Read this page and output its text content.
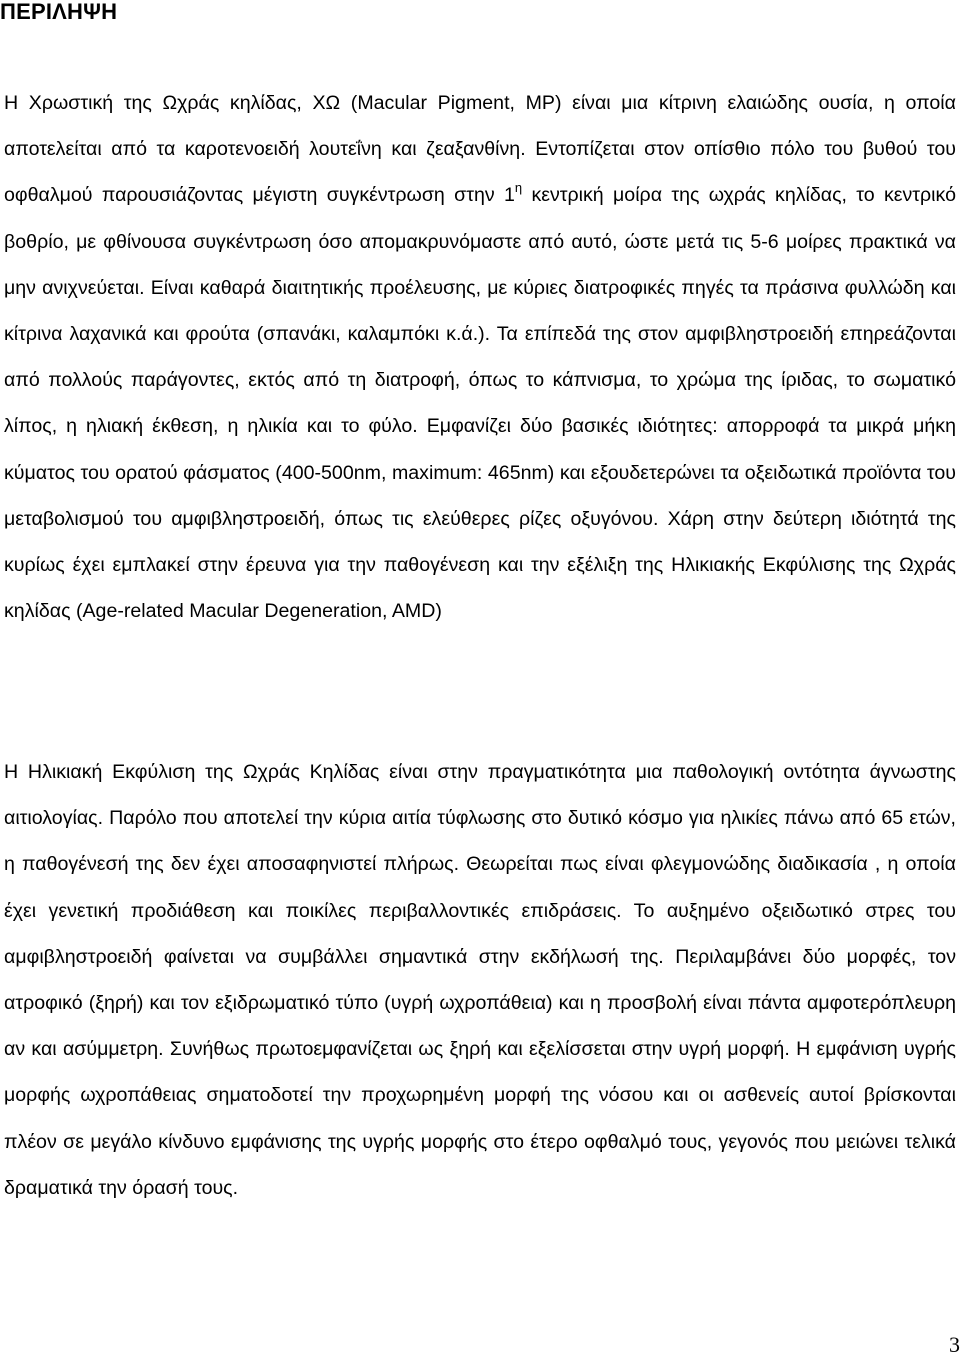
ΠΕΡΙΛΗΨΗ

Η Χρωστική της Ωχράς κηλίδας, ΧΩ (Macular Pigment, MP) είναι μια κίτρινη ελαιώδης ουσία, η οποία αποτελείται από τα καροτενοειδή λουτεΐνη και ζεαξανθίνη. Εντοπίζεται στον οπίσθιο πόλο του βυθού του οφθαλμού παρουσιάζοντας μέγιστη συγκέντρωση στην $1^\eta$ κεντρική μοίρα της ωχράς κηλίδας, το κεντρικό βοθρίο, με φθίνουσα συγκέντρωση όσο απομακρυνόμαστε από αυτό, ώστε μετά τις 5-6 μοίρες πρακτικά να μην ανιχνεύεται. Είναι καθαρά διαιτητικής προέλευσης, με κύριες διατροφικές πηγές τα πράσινα φυλλώδη και κίτρινα λαχανικά και φρούτα (σπανάκι, καλαμπόκι κ.ά.). Τα επίπεδά της στον αμφιβληστροειδή επηρεάζονται από πολλούς παράγοντες, εκτός από τη διατροφή, όπως το κάπνισμα, το χρώμα της ίριδας, το σωματικό λίπος, η ηλιακή έκθεση, η ηλικία και το φύλο. Εμφανίζει δύο βασικές ιδιότητες: απορροφά τα μικρά μήκη κύματος του ορατού φάσματος (400-500nm, maximum: 465nm) και εξουδετερώνει τα οξειδωτικά προϊόντα του μεταβολισμού του αμφιβληστροειδή, όπως τις ελεύθερες ρίζες οξυγόνου. Χάρη στην δεύτερη ιδιότητά της κυρίως έχει εμπλακεί στην έρευνα για την παθογένεση και την εξέλιξη της Ηλικιακής Εκφύλισης της Ωχράς κηλίδας (Age-related Macular Degeneration, AMD)

Η Ηλικιακή Εκφύλιση της Ωχράς Κηλίδας είναι στην πραγματικότητα μια παθολογική οντότητα άγνωστης αιτιολογίας. Παρόλο που αποτελεί την κύρια αιτία τύφλωσης στο δυτικό κόσμο για ηλικίες πάνω από 65 ετών, η παθογένεσή της δεν έχει αποσαφηνιστεί πλήρως. Θεωρείται πως είναι φλεγμονώδης διαδικασία , η οποία έχει γενετική προδιάθεση και ποικίλες περιβαλλοντικές επιδράσεις. Το αυξημένο οξειδωτικό στρες του αμφιβληστροειδή φαίνεται να συμβάλλει σημαντικά στην εκδήλωσή της. Περιλαμβάνει δύο μορφές, τον ατροφικό (ξηρή) και τον εξιδρωματικό τύπο (υγρή ωχροπάθεια) και η προσβολή είναι πάντα αμφοτερόπλευρη αν και ασύμμετρη. Συνήθως πρωτοεμφανίζεται ως ξηρή και εξελίσσεται στην υγρή μορφή. Η εμφάνιση υγρής μορφής ωχροπάθειας σηματοδοτεί την προχωρημένη μορφή της νόσου και οι ασθενείς αυτοί βρίσκονται πλέον σε μεγάλο κίνδυνο εμφάνισης της υγρής μορφής στο έτερο οφθαλμό τους, γεγονός που μειώνει τελικά δραματικά την όρασή τους.

3
